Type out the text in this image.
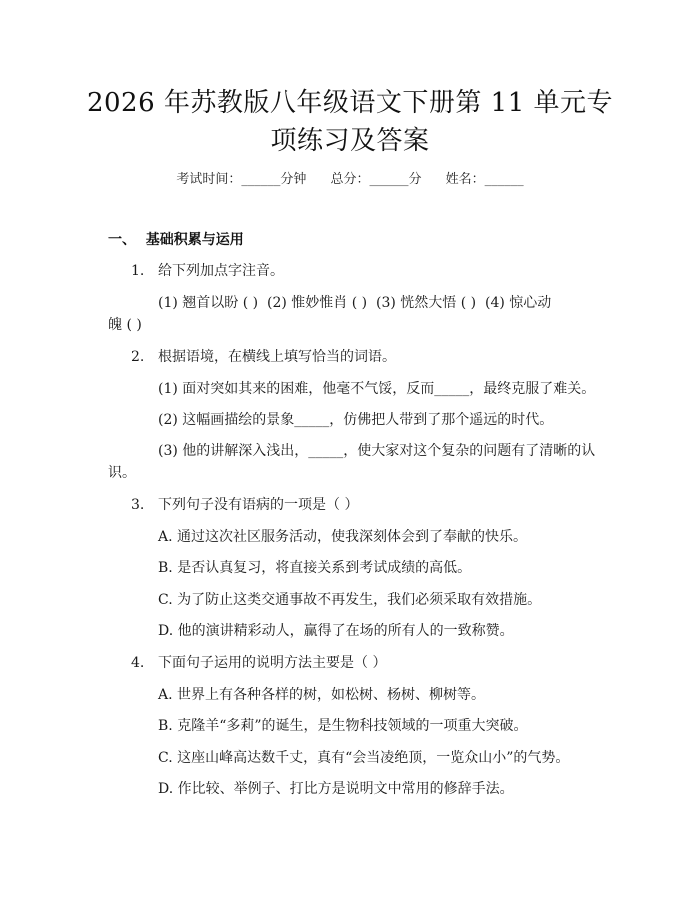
2026 年苏教版八年级语文下册第 11 单元专
项练习及答案
考试时间：______分钟 总分：______分 姓名：______
一、  基础积累与运用
1. 给下列加点字注音。
(1) 翘首以盼 ( )  (2) 惟妙惟肖 ( )  (3) 恍然大悟 ( )  (4) 惊心动
魄 ( )
2. 根据语境，在横线上填写恰当的词语。
(1) 面对突如其来的困难，他毫不气馁，反而_____，最终克服了难关。
(2) 这幅画描绘的景象_____，仿佛把人带到了那个遥远的时代。
(3) 他的讲解深入浅出，_____，使大家对这个复杂的问题有了清晰的认
识。
3. 下列句子没有语病的一项是（ ）
A. 通过这次社区服务活动，使我深刻体会到了奉献的快乐。
B. 是否认真复习，将直接关系到考试成绩的高低。
C. 为了防止这类交通事故不再发生，我们必须采取有效措施。
D. 他的演讲精彩动人，赢得了在场的所有人的一致称赞。
4. 下面句子运用的说明方法主要是（ ）
A. 世界上有各种各样的树，如松树、杨树、柳树等。
B. 克隆羊“多莉”的诞生，是生物科技领域的一项重大突破。
C. 这座山峰高达数千丈，真有“会当凌绝顶，一览众山小”的气势。
D. 作比较、举例子、打比方是说明文中常用的修辞手法。
